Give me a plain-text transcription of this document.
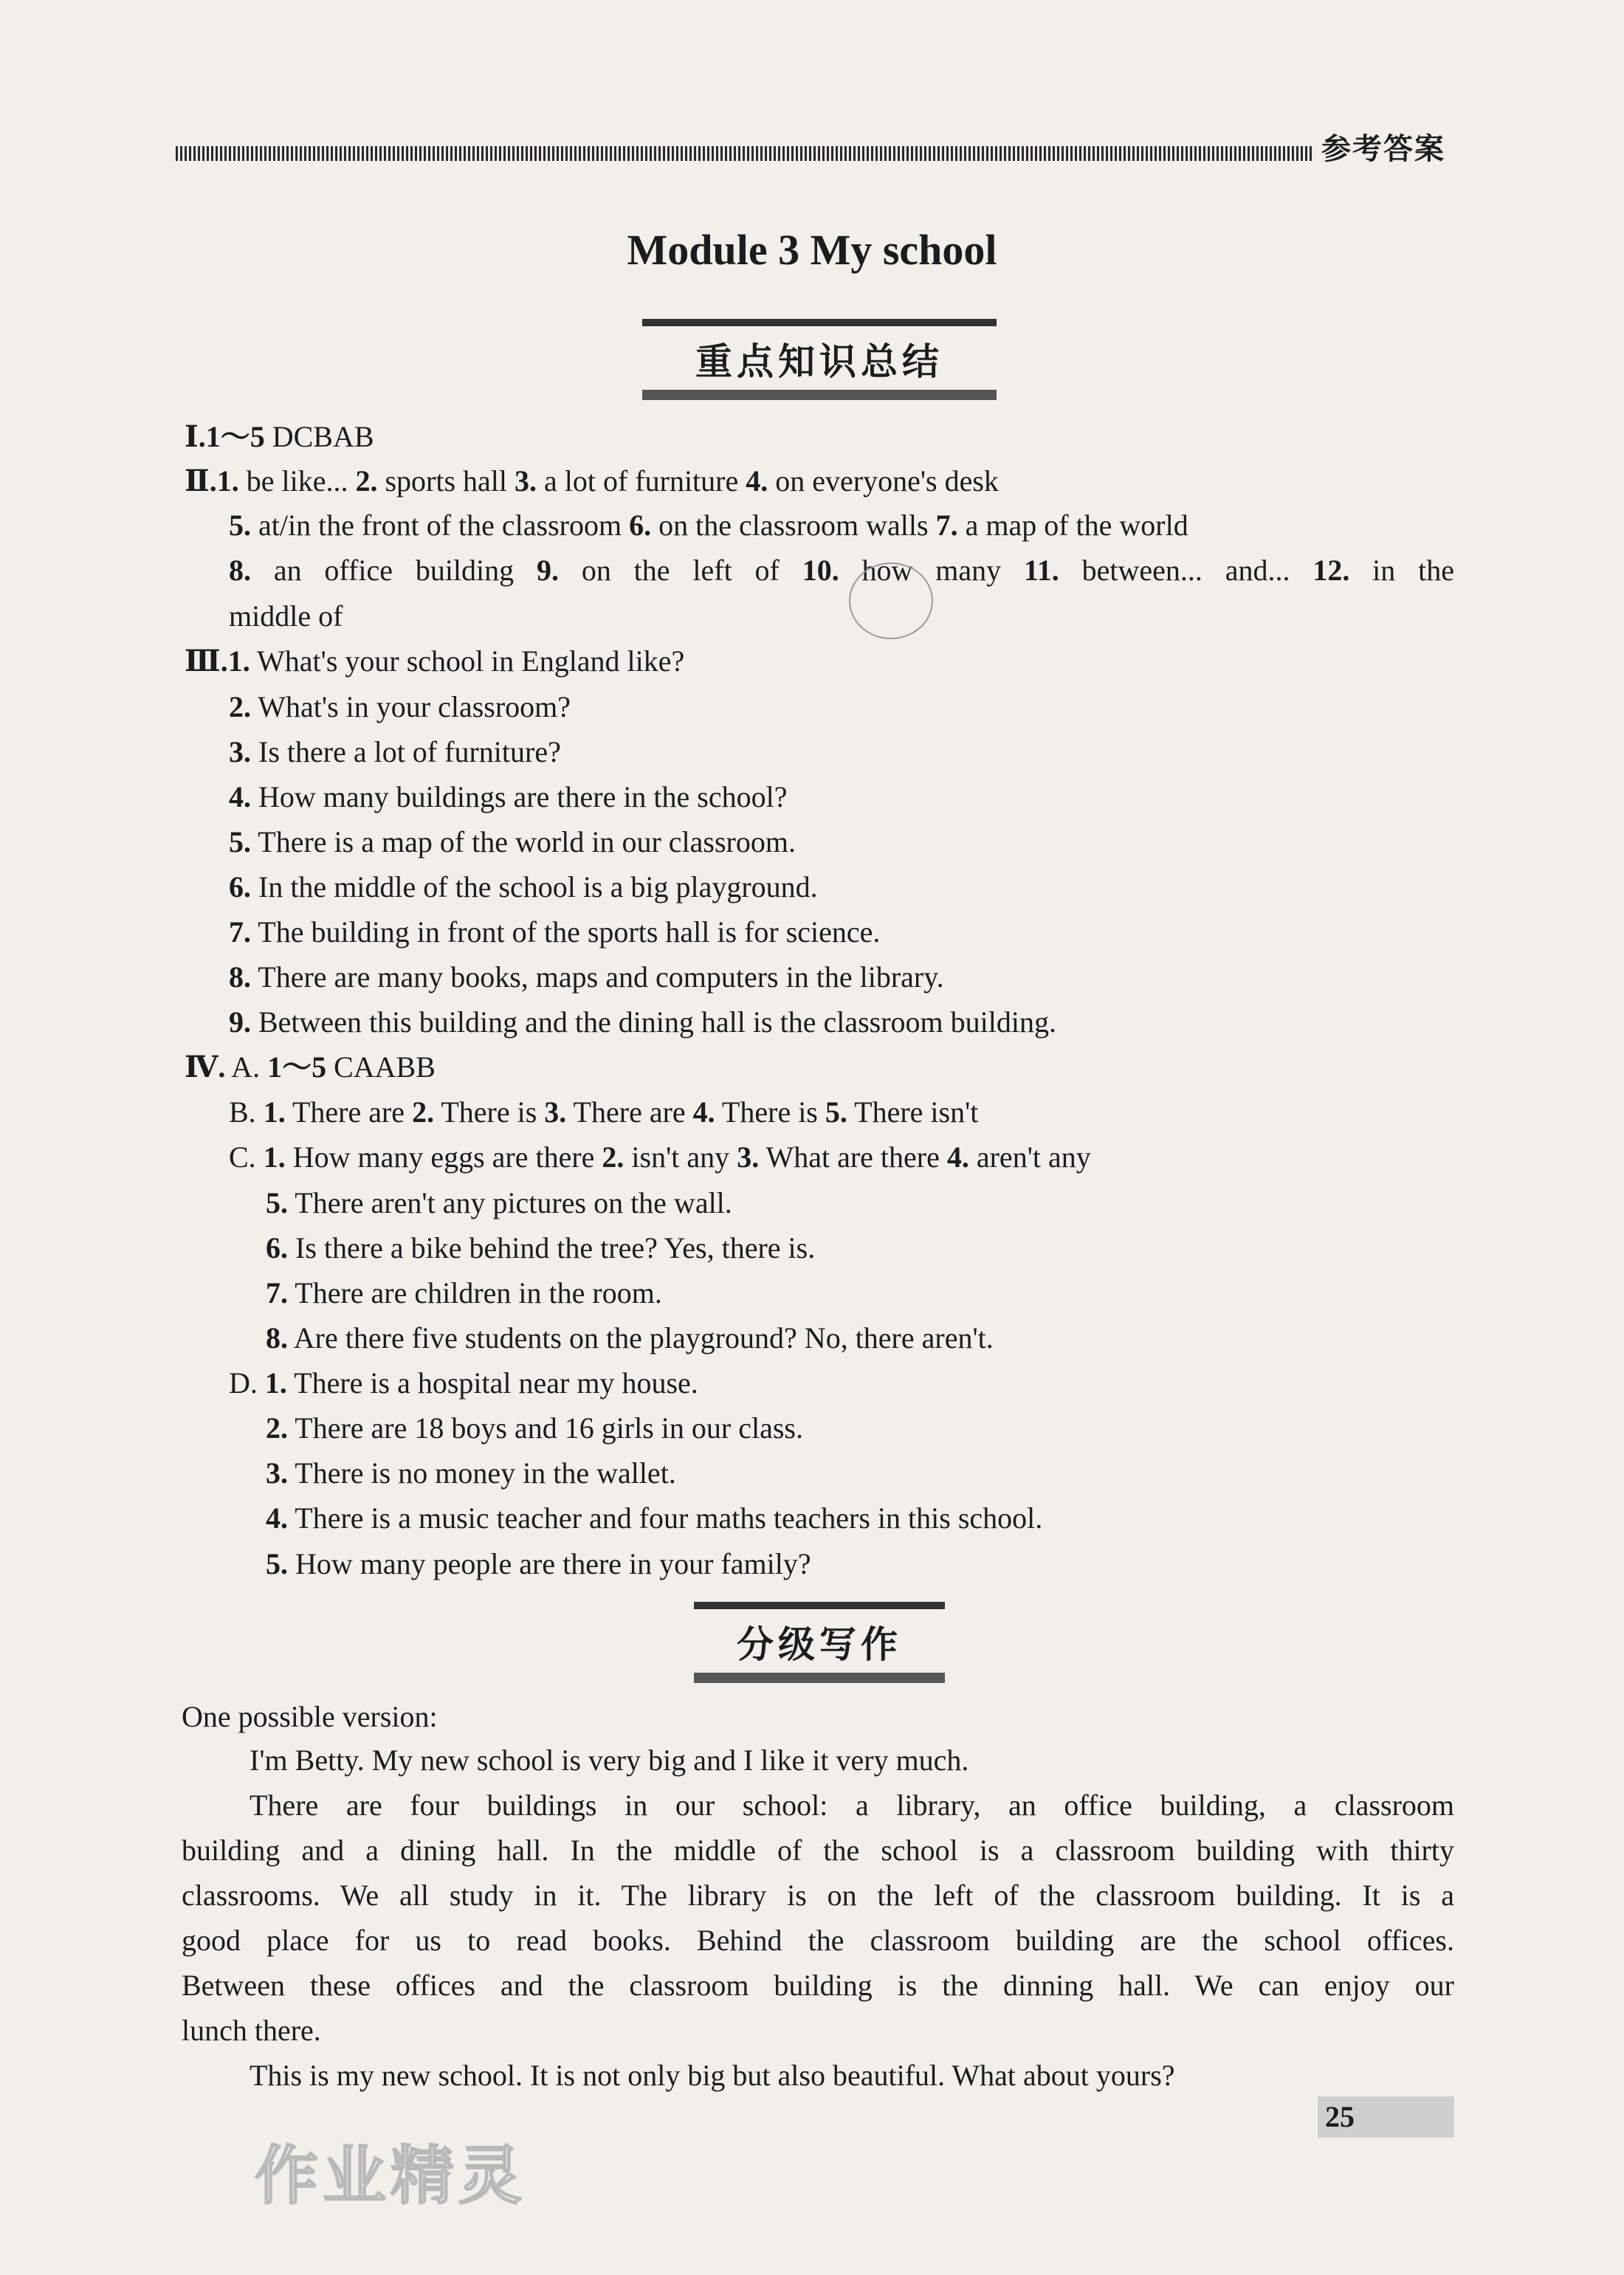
参考答案
Module 3 My school
重点知识总结
Ⅰ.1～5 DCBAB
Ⅱ.1. be like... 2. sports hall 3. a lot of furniture 4. on everyone's desk
5. at/in the front of the classroom 6. on the classroom walls 7. a map of the world
8. an office building 9. on the left of 10. how many 11. between... and... 12. in the
middle of
Ⅲ.1. What's your school in England like?
2. What's in your classroom?
3. Is there a lot of furniture?
4. How many buildings are there in the school?
5. There is a map of the world in our classroom.
6. In the middle of the school is a big playground.
7. The building in front of the sports hall is for science.
8. There are many books, maps and computers in the library.
9. Between this building and the dining hall is the classroom building.
Ⅳ. A. 1～5 CAABB
B. 1. There are 2. There is 3. There are 4. There is 5. There isn't
C. 1. How many eggs are there 2. isn't any 3. What are there 4. aren't any
5. There aren't any pictures on the wall.
6. Is there a bike behind the tree? Yes, there is.
7. There are children in the room.
8. Are there five students on the playground? No, there aren't.
D. 1. There is a hospital near my house.
2. There are 18 boys and 16 girls in our class.
3. There is no money in the wallet.
4. There is a music teacher and four maths teachers in this school.
5. How many people are there in your family?
分级写作
One possible version:
I'm Betty. My new school is very big and I like it very much.
There are four buildings in our school: a library, an office building, a classroom
building and a dining hall. In the middle of the school is a classroom building with thirty
classrooms. We all study in it. The library is on the left of the classroom building. It is a
good place for us to read books. Behind the classroom building are the school offices.
Between these offices and the classroom building is the dinning hall. We can enjoy our
lunch there.
This is my new school. It is not only big but also beautiful. What about yours?
25
作业精灵
